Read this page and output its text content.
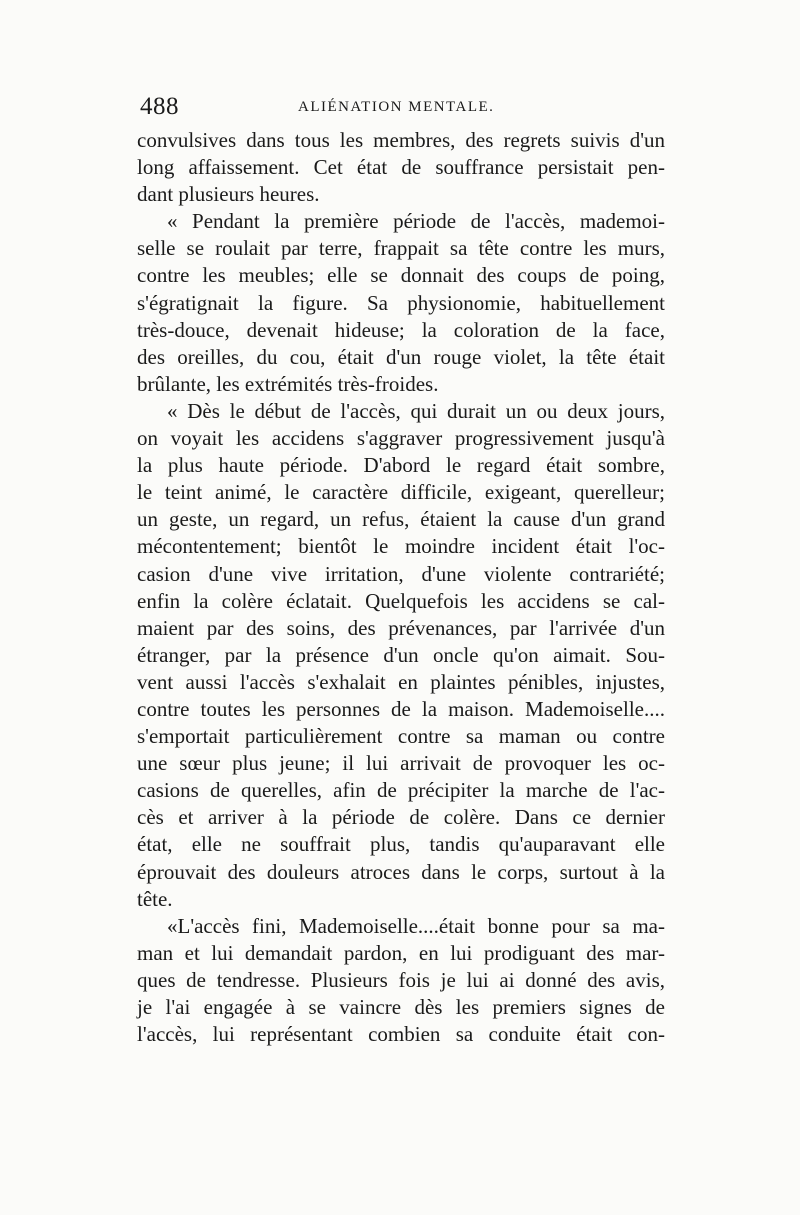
488	ALIÉNATION MENTALE.
convulsives dans tous les membres, des regrets suivis d'un
long affaissement. Cet état de souffrance persistait pen-
dant plusieurs heures.
« Pendant la première période de l'accès, mademoi-
selle se roulait par terre, frappait sa tête contre les murs,
contre les meubles; elle se donnait des coups de poing,
s'égratignait la figure. Sa physionomie, habituellement
très-douce, devenait hideuse; la coloration de la face,
des oreilles, du cou, était d'un rouge violet, la tête était
brûlante, les extrémités très-froides.
« Dès le début de l'accès, qui durait un ou deux jours,
on voyait les accidens s'aggraver progressivement jusqu'à
la plus haute période. D'abord le regard était sombre,
le teint animé, le caractère difficile, exigeant, querelleur;
un geste, un regard, un refus, étaient la cause d'un grand
mécontentement; bientôt le moindre incident était l'oc-
casion d'une vive irritation, d'une violente contrariété;
enfin la colère éclatait. Quelquefois les accidens se cal-
maient par des soins, des prévenances, par l'arrivée d'un
étranger, par la présence d'un oncle qu'on aimait. Sou-
vent aussi l'accès s'exhalait en plaintes pénibles, injustes,
contre toutes les personnes de la maison. Mademoiselle....
s'emportait particulièrement contre sa maman ou contre
une sœur plus jeune; il lui arrivait de provoquer les oc-
casions de querelles, afin de précipiter la marche de l'ac-
cès et arriver à la période de colère. Dans ce dernier
état, elle ne souffrait plus, tandis qu'auparavant elle
éprouvait des douleurs atroces dans le corps, surtout à la
tête.
«L'accès fini, Mademoiselle....était bonne pour sa ma-
man et lui demandait pardon, en lui prodiguant des mar-
ques de tendresse. Plusieurs fois je lui ai donné des avis,
je l'ai engagée à se vaincre dès les premiers signes de
l'accès, lui représentant combien sa conduite était con-
